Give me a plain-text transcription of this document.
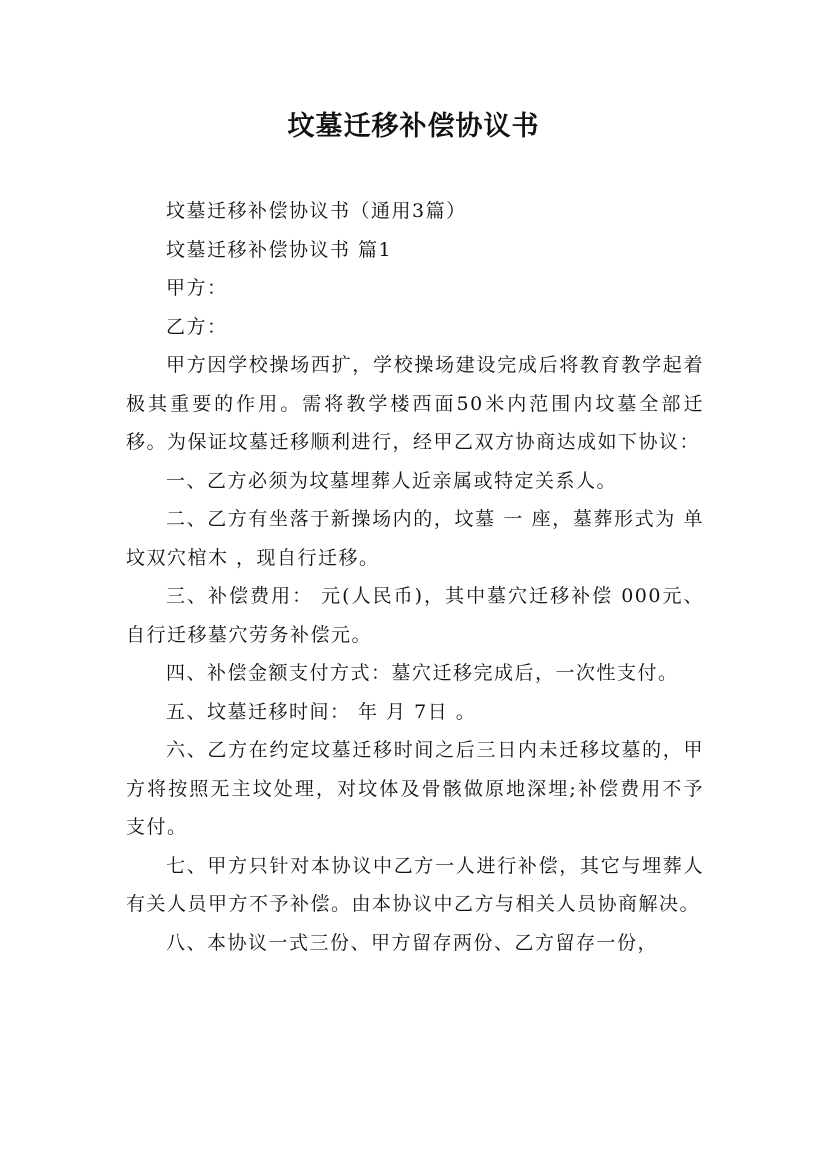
坟墓迁移补偿协议书

坟墓迁移补偿协议书（通用3篇）

坟墓迁移补偿协议书 篇1

甲方：

乙方：

甲方因学校操场西扩，学校操场建设完成后将教育教学起着极其重要的作用。需将教学楼西面50米内范围内坟墓全部迁移。为保证坟墓迁移顺利进行，经甲乙双方协商达成如下协议：

一、乙方必须为坟墓埋葬人近亲属或特定关系人。

二、乙方有坐落于新操场内的，坟墓 一 座，墓葬形式为 单坟双穴棺木 ，现自行迁移。

三、补偿费用： 元(人民币)，其中墓穴迁移补偿 000元、自行迁移墓穴劳务补偿元。

四、补偿金额支付方式：墓穴迁移完成后，一次性支付。

五、坟墓迁移时间： 年 月 7日 。

六、乙方在约定坟墓迁移时间之后三日内未迁移坟墓的，甲方将按照无主坟处理，对坟体及骨骸做原地深埋;补偿费用不予支付。

七、甲方只针对本协议中乙方一人进行补偿，其它与埋葬人有关人员甲方不予补偿。由本协议中乙方与相关人员协商解决。

八、本协议一式三份、甲方留存两份、乙方留存一份，
